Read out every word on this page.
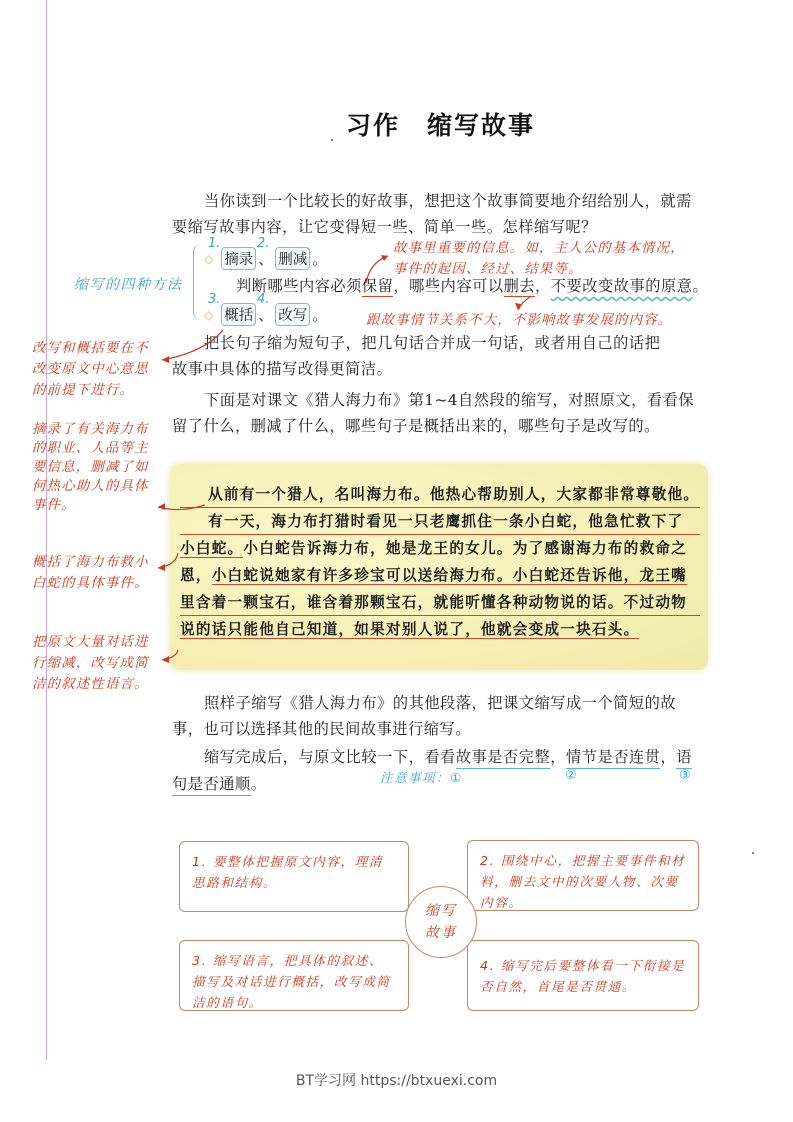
习作　缩写故事
当你读到一个比较长的好故事，想把这个故事简要地介绍给别人，就需
要缩写故事内容，让它变得短一些、简单一些。怎样缩写呢？
缩写的四种方法
1.	2.
◇ 摘录 、 删减 。
故事里重要的信息。如，主人公的基本情况，
事件的起因、经过、结果等。
判断哪些内容必须保留，哪些内容可以删去，不要改变故事的原意。
3.	4.
◇ 概括 、 改写 。	跟故事情节关系不大，不影响故事发展的内容。
把长句子缩为短句子，把几句话合并成一句话，或者用自己的话把
故事中具体的描写改得更简洁。
下面是对课文《猎人海力布》第1~4自然段的缩写，对照原文，看看保
留了什么，删减了什么，哪些句子是概括出来的，哪些句子是改写的。
改写和概括要在不
改变原文中心意思
的前提下进行。
摘录了有关海力布
的职业、人品等主
要信息，删减了如
何热心助人的具体
事件。
概括了海力布救小
白蛇的具体事件。
把原文大量对话进
行缩减，改写成简
洁的叙述性语言。
从前有一个猎人，名叫海力布。他热心帮助别人，大家都非常尊敬他。
有一天，海力布打猎时看见一只老鹰抓住一条小白蛇，他急忙救下了
小白蛇。小白蛇告诉海力布，她是龙王的女儿。为了感谢海力布的救命之
恩，小白蛇说她家有许多珍宝可以送给海力布。小白蛇还告诉他，龙王嘴
里含着一颗宝石，谁含着那颗宝石，就能听懂各种动物说的话。不过动物
说的话只能他自己知道，如果对别人说了，他就会变成一块石头。
照样子缩写《猎人海力布》的其他段落，把课文缩写成一个简短的故
事，也可以选择其他的民间故事进行缩写。
缩写完成后，与原文比较一下，看看故事是否完整，情节是否连贯，语
句是否通顺。	注意事项：①	②	③
1. 要整体把握原文内容，理清思路和结构。
2. 围绕中心，把握主要事件和材料，删去文中的次要人物、次要内容。
3. 缩写语言，把具体的叙述、描写及对话进行概括，改写成简洁的语句。
4. 缩写完后要整体看一下衔接是否自然，首尾是否贯通。
缩写
故事
BT学习网 https://btxuexi.com
